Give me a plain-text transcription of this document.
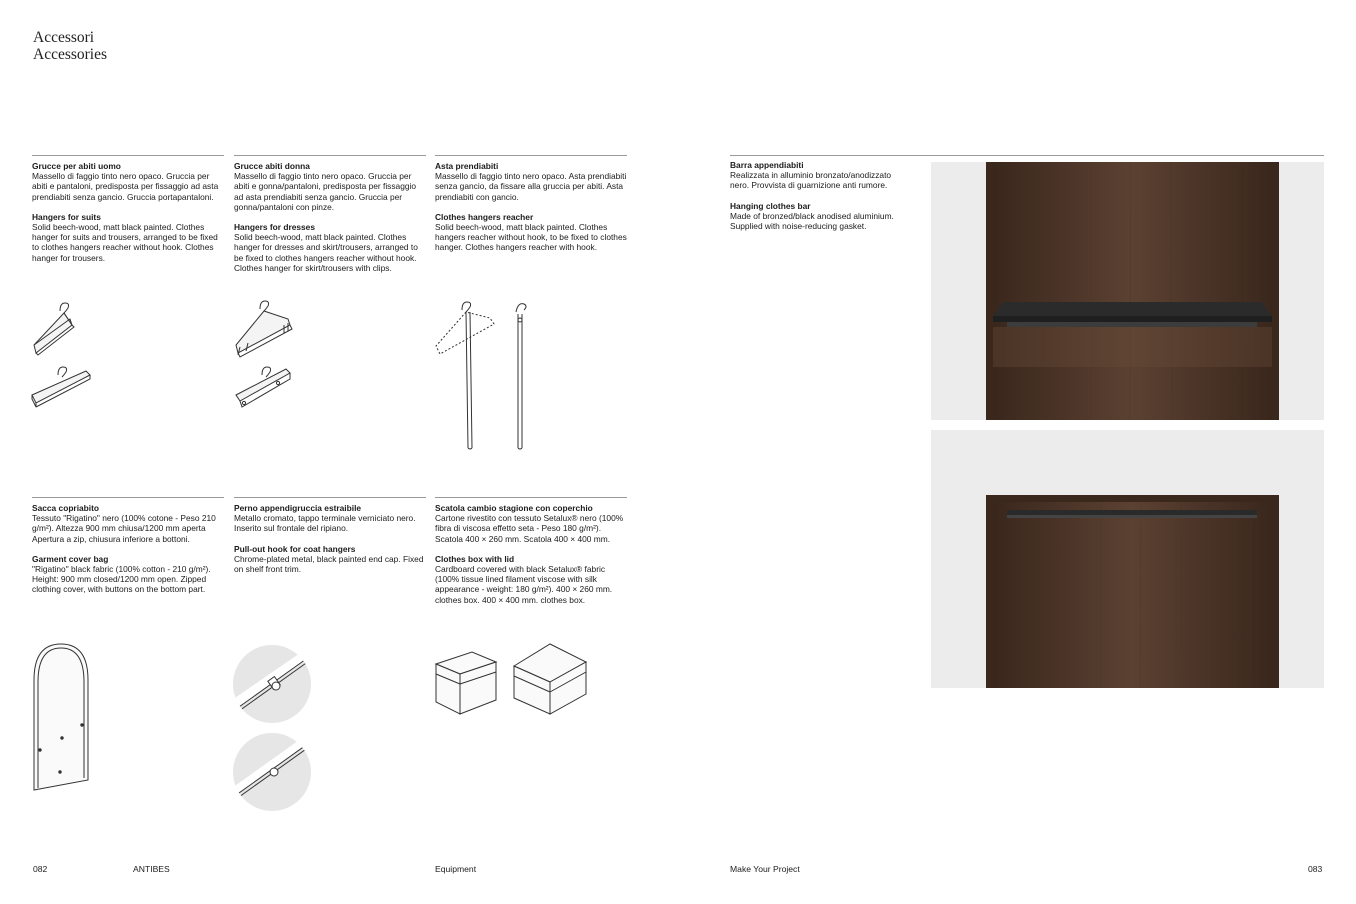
Accessori
Accessories
Grucce per abiti uomo
Massello di faggio tinto nero opaco. Gruccia per abiti e pantaloni, predisposta per fissaggio ad asta prendiabiti senza gancio. Gruccia portapantaloni.
Hangers for suits
Solid beech-wood, matt black painted. Clothes hanger for suits and trousers, arranged to be fixed to clothes hangers reacher without hook. Clothes hanger for trousers.
Grucce abiti donna
Massello di faggio tinto nero opaco. Gruccia per abiti e gonna/pantaloni, predisposta per fissaggio ad asta prendiabiti senza gancio. Gruccia per gonna/pantaloni con pinze.
Hangers for dresses
Solid beech-wood, matt black painted. Clothes hanger for dresses and skirt/trousers, arranged to be fixed to clothes hangers reacher without hook. Clothes hanger for skirt/trousers with clips.
Asta prendiabiti
Massello di faggio tinto nero opaco. Asta prendiabiti senza gancio, da fissare alla gruccia per abiti. Asta prendiabiti con gancio.
Clothes hangers reacher
Solid beech-wood, matt black painted. Clothes hangers reacher without hook, to be fixed to clothes hanger. Clothes hangers reacher with hook.
Sacca copriabito
Tessuto "Rigatino" nero (100% cotone - Peso 210 g/m²). Altezza 900 mm chiusa/1200 mm aperta Apertura a zip, chiusura inferiore a bottoni.
Garment cover bag
"Rigatino" black fabric (100% cotton - 210 g/m²). Height: 900 mm closed/1200 mm open. Zipped clothing cover, with buttons on the bottom part.
Perno appendigruccia estraibile
Metallo cromato, tappo terminale verniciato nero. Inserito sul frontale del ripiano.
Pull-out hook for coat hangers
Chrome-plated metal, black painted end cap. Fixed on shelf front trim.
Scatola cambio stagione con coperchio
Cartone rivestito con tessuto Setalux® nero (100% fibra di viscosa effetto seta - Peso 180 g/m²). Scatola 400 × 260 mm. Scatola 400 × 400 mm.
Clothes box with lid
Cardboard covered with black Setalux® fabric (100% tissue lined filament viscose with silk appearance - weight: 180 g/m²). 400 × 260 mm. clothes box. 400 × 400 mm. clothes box.
Barra appendiabiti
Realizzata in alluminio bronzato/anodizzato nero. Provvista di guarnizione anti rumore.
Hanging clothes bar
Made of bronzed/black anodised aluminium. Supplied with noise-reducing gasket.
082	ANTIBES	Equipment	Make Your Project	083
